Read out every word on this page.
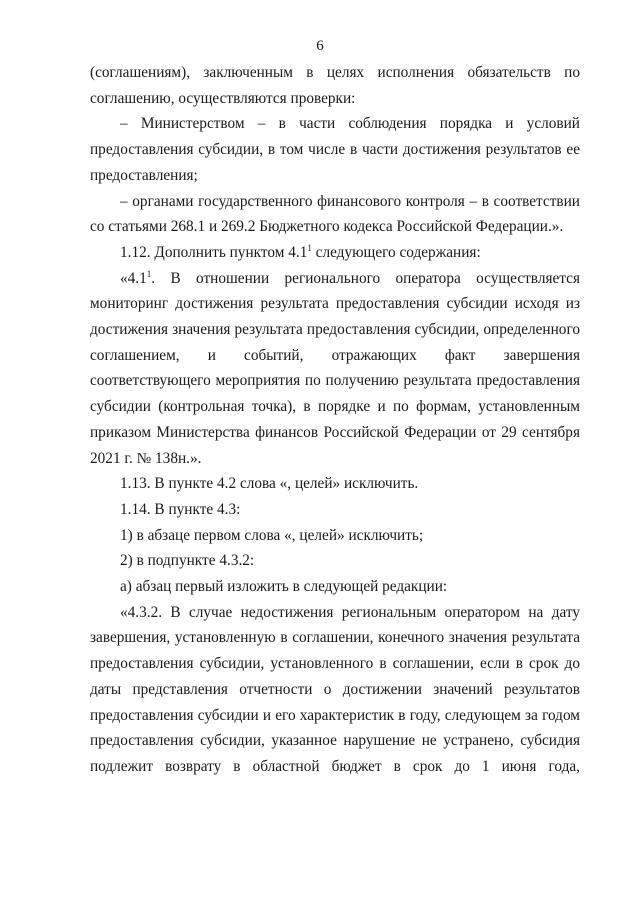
6

(соглашениям), заключенным в целях исполнения обязательств по соглашению, осуществляются проверки:

– Министерством – в части соблюдения порядка и условий предоставления субсидии, в том числе в части достижения результатов ее предоставления;

– органами государственного финансового контроля – в соответствии со статьями 268.1 и 269.2 Бюджетного кодекса Российской Федерации.».

1.12. Дополнить пунктом $4.1^1$ следующего содержания:

«$4.1^1$. В отношении регионального оператора осуществляется мониторинг достижения результата предоставления субсидии исходя из достижения значения результата предоставления субсидии, определенного соглашением, и событий, отражающих факт завершения соответствующего мероприятия по получению результата предоставления субсидии (контрольная точка), в порядке и по формам, установленным приказом Министерства финансов Российской Федерации от 29 сентября 2021 г. № 138н.».

1.13. В пункте 4.2 слова «, целей» исключить.

1.14. В пункте 4.3:

1) в абзаце первом слова «, целей» исключить;

2) в подпункте 4.3.2:

а) абзац первый изложить в следующей редакции:

«4.3.2. В случае недостижения региональным оператором на дату завершения, установленную в соглашении, конечного значения результата предоставления субсидии, установленного в соглашении, если в срок до даты представления отчетности о достижении значений результатов предоставления субсидии и его характеристик в году, следующем за годом предоставления субсидии, указанное нарушение не устранено, субсидия подлежит возврату в областной бюджет в срок до 1 июня года,
